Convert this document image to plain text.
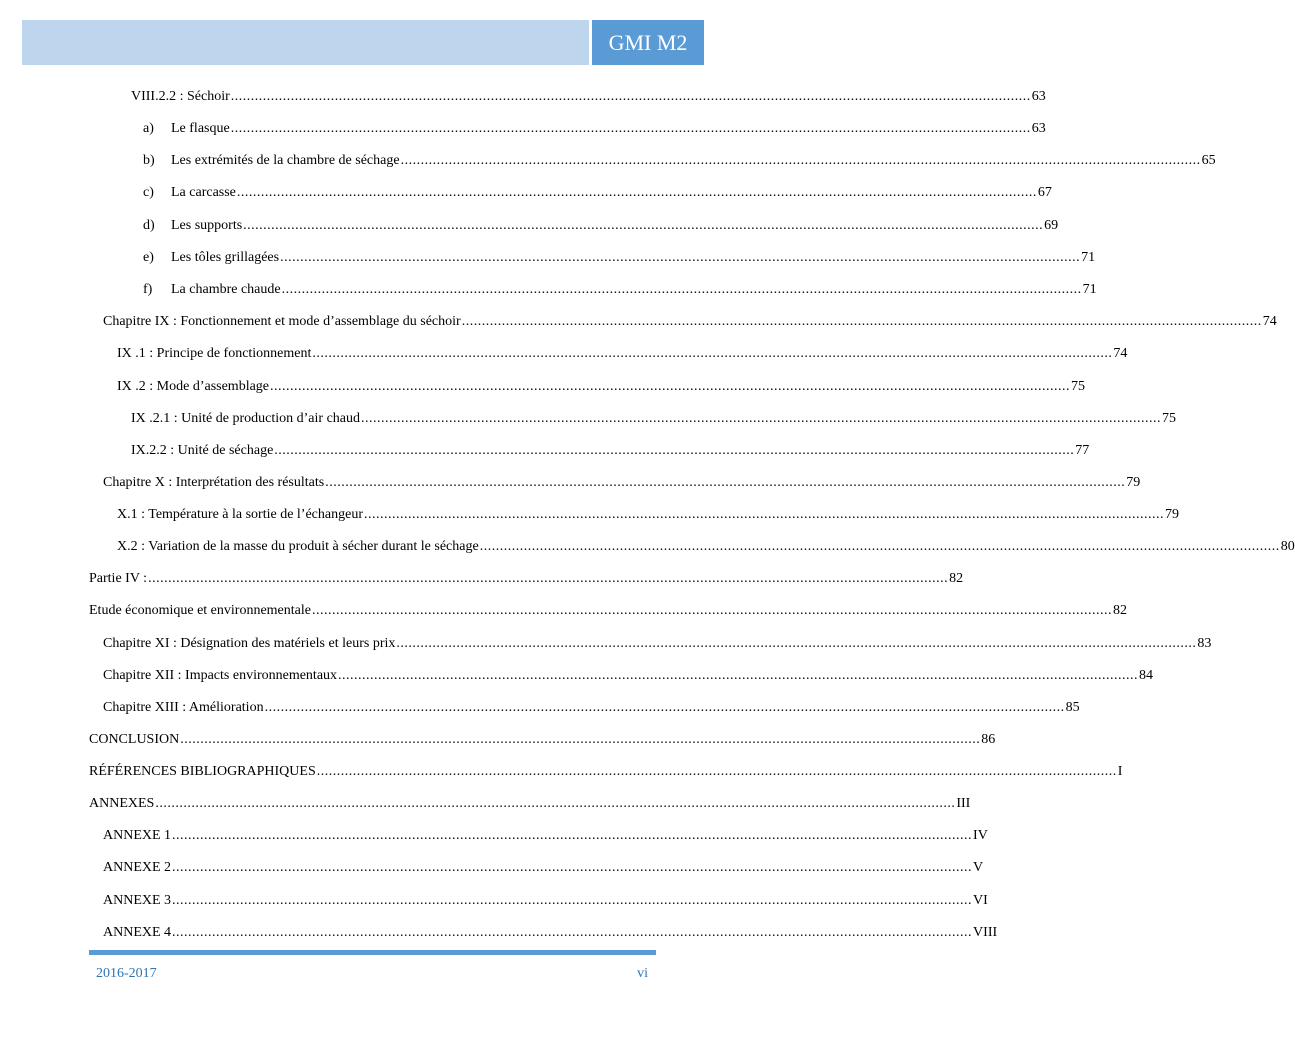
GMI M2
VIII.2.2 : Séchoir ........................................................................................................................................................................................................ 63
a)	Le flasque ........................................................................................................................................................................................................ 63
b)	Les extrémités de la chambre de séchage ........................................................................................................................................................................................................ 65
c)	La carcasse ........................................................................................................................................................................................................ 67
d)	Les supports ........................................................................................................................................................................................................ 69
e)	Les tôles grillagées ........................................................................................................................................................................................................ 71
f)	La chambre chaude ........................................................................................................................................................................................................ 71
Chapitre IX : Fonctionnement et mode d’assemblage du séchoir ........................................................................................................................................................................................................ 74
IX .1 : Principe de fonctionnement ........................................................................................................................................................................................................ 74
IX .2 : Mode d’assemblage ........................................................................................................................................................................................................ 75
IX .2.1 : Unité de production d’air chaud ........................................................................................................................................................................................................ 75
IX.2.2 : Unité de séchage ........................................................................................................................................................................................................ 77
Chapitre X : Interprétation des résultats ........................................................................................................................................................................................................ 79
X.1 : Température à la sortie de l’échangeur ........................................................................................................................................................................................................ 79
X.2 : Variation de la masse du produit à sécher durant le séchage ........................................................................................................................................................................................................ 80
Partie IV : ........................................................................................................................................................................................................ 82
Etude économique et environnementale ........................................................................................................................................................................................................ 82
Chapitre XI : Désignation des matériels et leurs prix ........................................................................................................................................................................................................ 83
Chapitre XII : Impacts environnementaux ........................................................................................................................................................................................................ 84
Chapitre XIII : Amélioration ........................................................................................................................................................................................................ 85
CONCLUSION ........................................................................................................................................................................................................ 86
RÉFÉRENCES BIBLIOGRAPHIQUES ........................................................................................................................................................................................................ I
ANNEXES ........................................................................................................................................................................................................ III
ANNEXE 1 ........................................................................................................................................................................................................ IV
ANNEXE 2 ........................................................................................................................................................................................................ V
ANNEXE 3 ........................................................................................................................................................................................................ VI
ANNEXE 4 ........................................................................................................................................................................................................ VIII
2016-2017	vi
